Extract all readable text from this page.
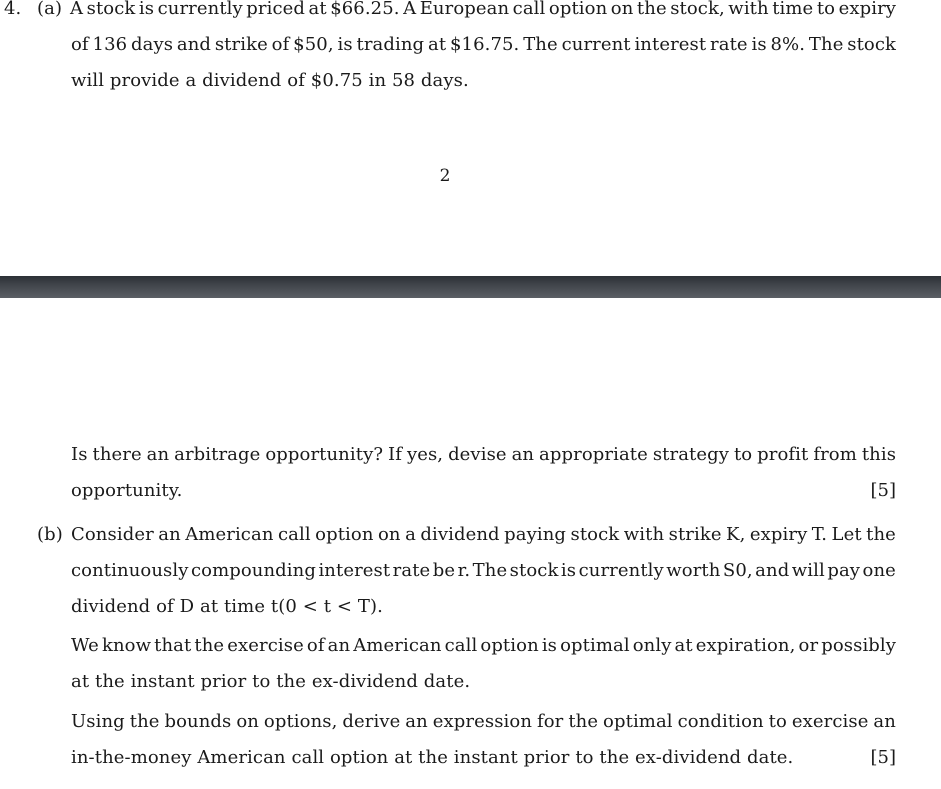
4. (a) A stock is currently priced at $66.25. A European call option on the stock, with time to expiry
of 136 days and strike of $50, is trading at $16.75. The current interest rate is 8%. The stock
will provide a dividend of $0.75 in 58 days.
2
Is there an arbitrage opportunity? If yes, devise an appropriate strategy to profit from this
opportunity.	[5]
(b) Consider an American call option on a dividend paying stock with strike K, expiry T. Let the
continuously compounding interest rate be r. The stock is currently worth S0, and will pay one
dividend of D at time t(0 < t < T).
We know that the exercise of an American call option is optimal only at expiration, or possibly
at the instant prior to the ex-dividend date.
Using the bounds on options, derive an expression for the optimal condition to exercise an
in-the-money American call option at the instant prior to the ex-dividend date.	[5]
